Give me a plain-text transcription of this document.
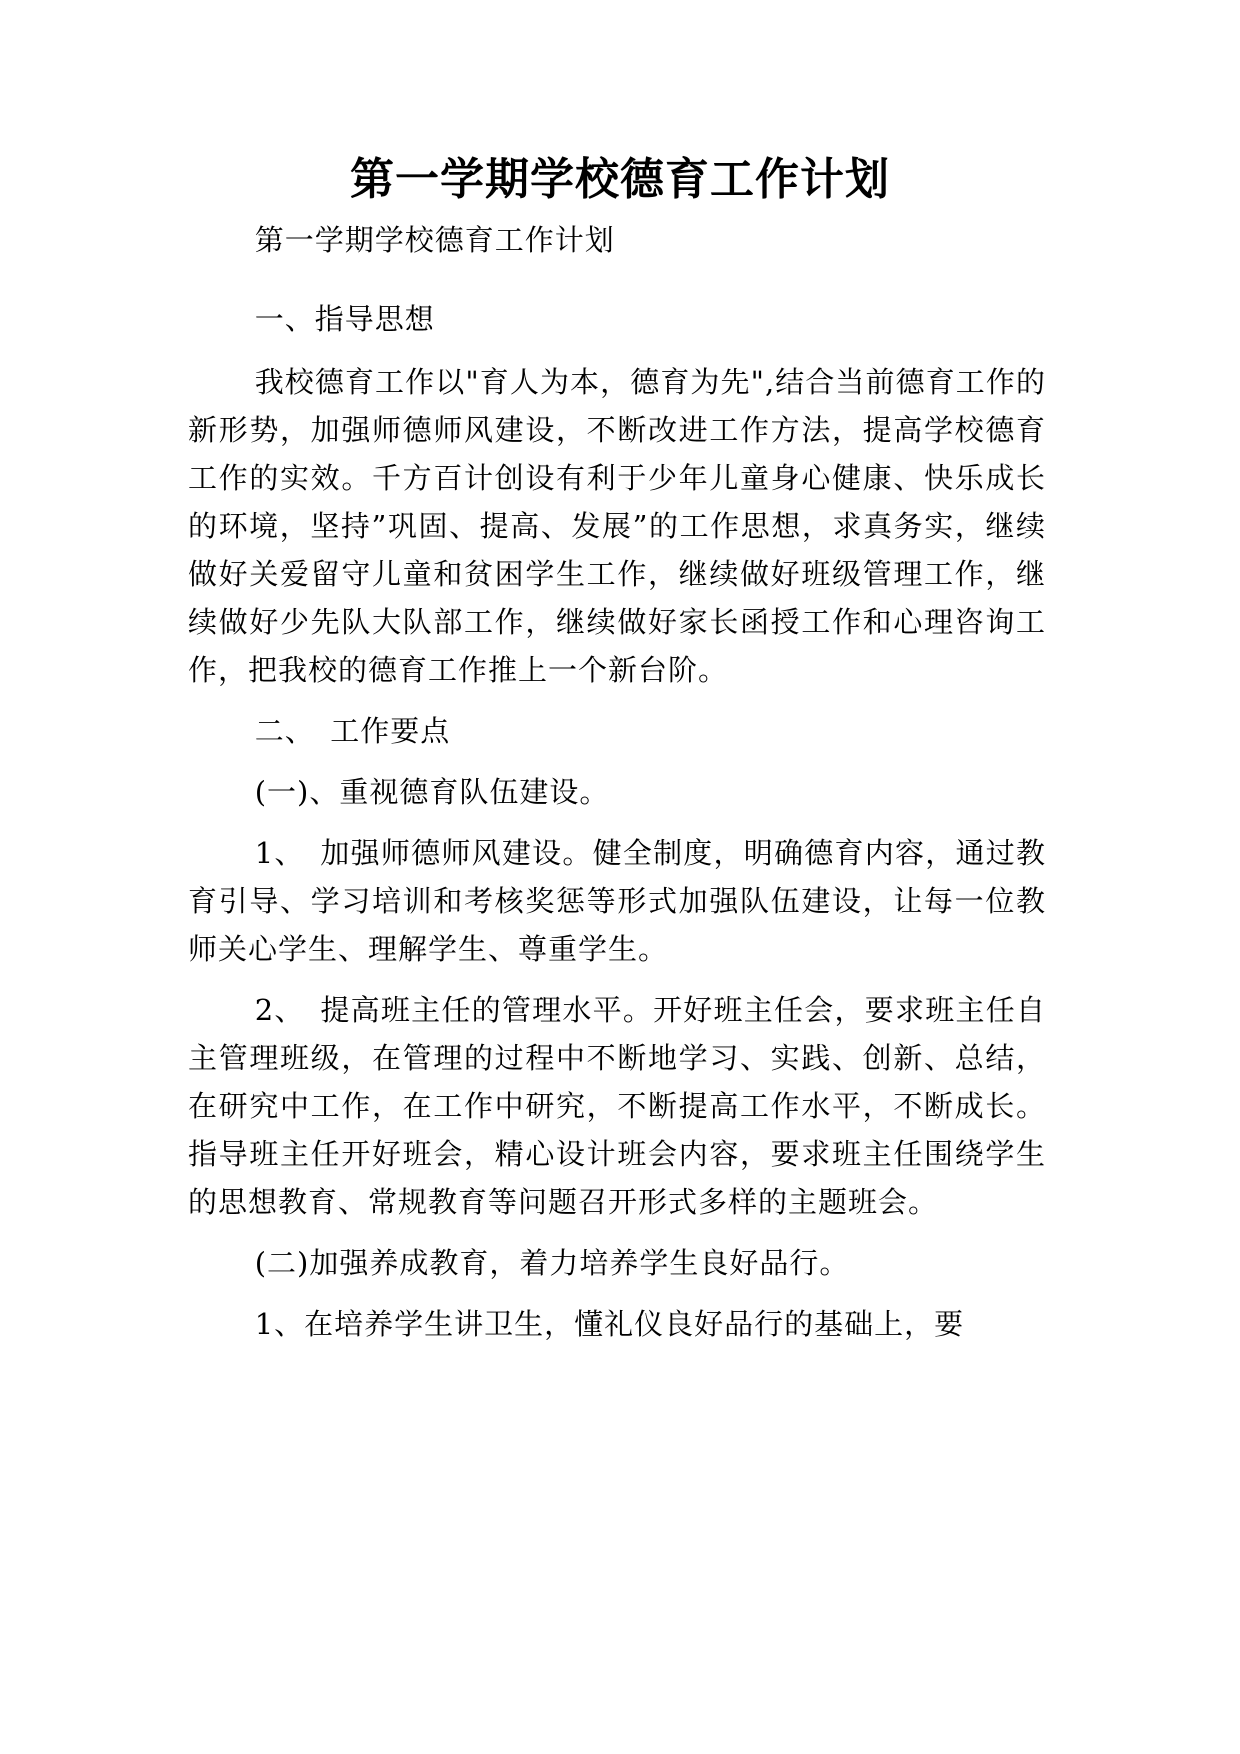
第一学期学校德育工作计划

第一学期学校德育工作计划

一、指导思想

我校德育工作以"育人为本，德育为先",结合当前德育工作的新形势，加强师德师风建设，不断改进工作方法，提高学校德育工作的实效。千方百计创设有利于少年儿童身心健康、快乐成长的环境，坚持”巩固、提高、发展”的工作思想，求真务实，继续做好关爱留守儿童和贫困学生工作，继续做好班级管理工作，继续做好少先队大队部工作，继续做好家长函授工作和心理咨询工作，把我校的德育工作推上一个新台阶。

二、　工作要点

(一)、重视德育队伍建设。

1、　加强师德师风建设。健全制度，明确德育内容，通过教育引导、学习培训和考核奖惩等形式加强队伍建设，让每一位教师关心学生、理解学生、尊重学生。

2、　提高班主任的管理水平。开好班主任会，要求班主任自主管理班级，在管理的过程中不断地学习、实践、创新、总结，在研究中工作，在工作中研究，不断提高工作水平，不断成长。指导班主任开好班会，精心设计班会内容，要求班主任围绕学生的思想教育、常规教育等问题召开形式多样的主题班会。

(二)加强养成教育，着力培养学生良好品行。

1、在培养学生讲卫生，懂礼仪良好品行的基础上，要
